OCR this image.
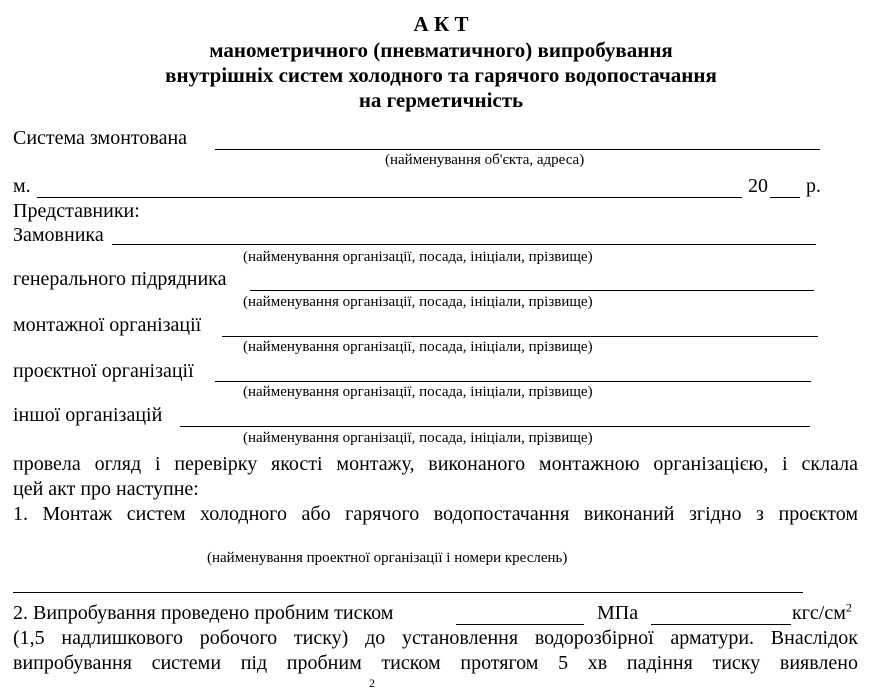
А К Т
манометричного (пневматичного) випробування
внутрішніх систем холодного та гарячого водопостачання
на герметичність
Система змонтована
(найменування об'єкта, адреса)
м.	20 р.
Представники:
Замовника
(найменування організації, посада, ініціали, прізвище)
генерального підрядника
(найменування організації, посада, ініціали, прізвище)
монтажної організації
(найменування організації, посада, ініціали, прізвище)
проєктної організації
(найменування організації, посада, ініціали, прізвище)
іншої організацій
(найменування організації, посада, ініціали, прізвище)
провела огляд і перевірку якості монтажу, виконаного монтажною організацією, і склала
цей акт про наступне:
1. Монтаж систем холодного або гарячого водопостачання виконаний згідно з проєктом
(найменування проектної організації і номери креслень)
2. Випробування проведено пробним тиском	МПа	кгс/$см^2$
(1,5 надлишкового робочого тиску) до установлення водорозбірної арматури. Внаслідок
випробування системи під пробним тиском протягом 5 хв падіння тиску виявлено
2
